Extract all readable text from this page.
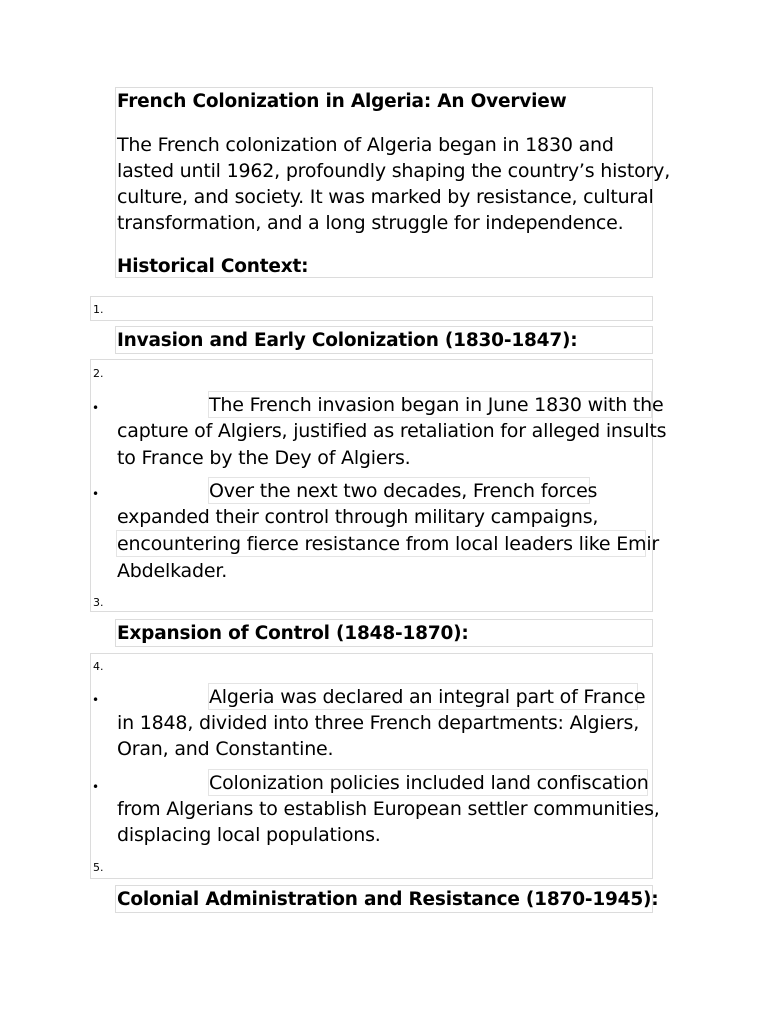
French Colonization in Algeria: An Overview
The French colonization of Algeria began in 1830 and
lasted until 1962, profoundly shaping the country’s history,
culture, and society. It was marked by resistance, cultural
transformation, and a long struggle for independence.
Historical Context:
1.
Invasion and Early Colonization (1830-1847):
2.
•	The French invasion began in June 1830 with the
capture of Algiers, justified as retaliation for alleged insults
to France by the Dey of Algiers.
•	Over the next two decades, French forces
expanded their control through military campaigns,
encountering fierce resistance from local leaders like Emir
Abdelkader.
3.
Expansion of Control (1848-1870):
4.
•	Algeria was declared an integral part of France
in 1848, divided into three French departments: Algiers,
Oran, and Constantine.
•	Colonization policies included land confiscation
from Algerians to establish European settler communities,
displacing local populations.
5.
Colonial Administration and Resistance (1870-1945):
